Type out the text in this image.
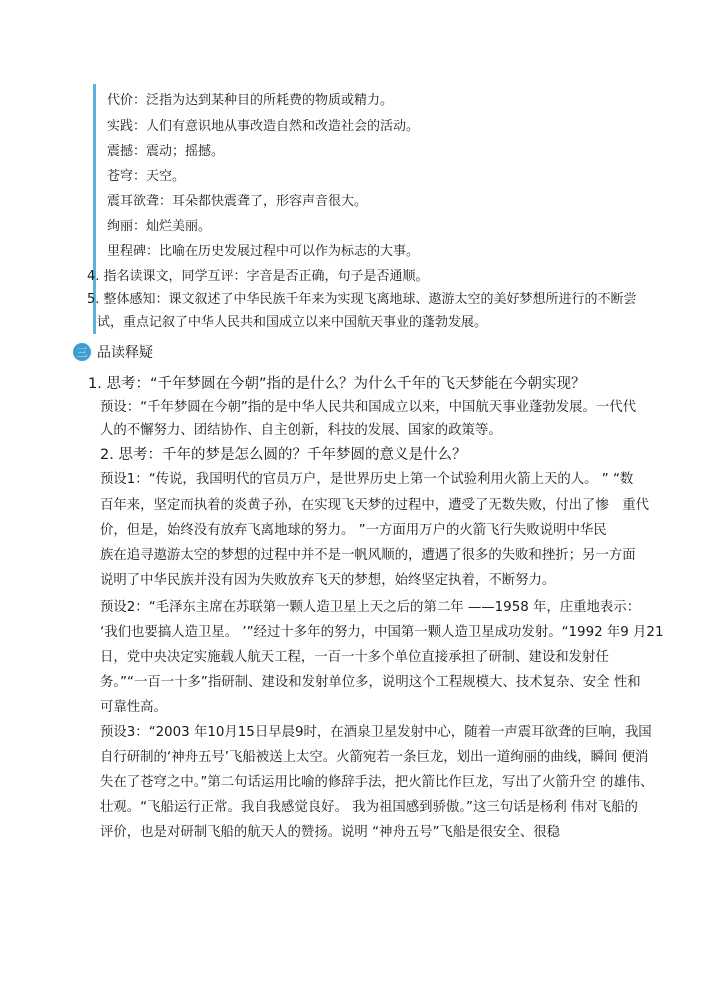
代价：泛指为达到某种目的所耗费的物质或精力。
实践：人们有意识地从事改造自然和改造社会的活动。
震撼：震动；摇撼。
苍穹：天空。
震耳欲聋：耳朵都快震聋了，形容声音很大。
绚丽：灿烂美丽。
里程碑：比喻在历史发展过程中可以作为标志的大事。
4. 指名读课文，同学互评：字音是否正确，句子是否通顺。
5. 整体感知：课文叙述了中华民族千年来为实现飞离地球、遨游太空的美好梦想所进行的不断尝
试，重点记叙了中华人民共和国成立以来中国航天事业的蓬勃发展。
三 品读释疑
1. 思考：“千年梦圆在今朝”指的是什么？为什么千年的飞天梦能在今朝实现？
预设：“千年梦圆在今朝”指的是中华人民共和国成立以来，中国航天事业蓬勃发展。一代代
人的不懈努力、团结协作、自主创新，科技的发展、国家的政策等。
2. 思考：千年的梦是怎么圆的？千年梦圆的意义是什么？
预设1：“传说，我国明代的官员万户，是世界历史上第一个试验利用火箭上天的人。 ” “数
百年来，坚定而执着的炎黄子孙，在实现飞天梦的过程中，遭受了无数失败，付出了惨　重代
价，但是，始终没有放弃飞离地球的努力。 ”一方面用万户的火箭飞行失败说明中华民
族在追寻遨游太空的梦想的过程中并不是一帆风顺的，遭遇了很多的失败和挫折；另一方面
说明了中华民族并没有因为失败放弃飞天的梦想，始终坚定执着，不断努力。
预设2：“毛泽东主席在苏联第一颗人造卫星上天之后的第二年 ——1958 年，庄重地表示：
‘我们也要搞人造卫星。 ’”经过十多年的努力，中国第一颗人造卫星成功发射。“1992 年9 月21
日，党中央决定实施载人航天工程，一百一十多个单位直接承担了研制、建设和发射任
务。”“一百一十多”指研制、建设和发射单位多，说明这个工程规模大、技术复杂、安全 性和
可靠性高。
预设3：“2003 年10月15日早晨9时，在酒泉卫星发射中心，随着一声震耳欲聋的巨响，我国
自行研制的‘神舟五号’飞船被送上太空。火箭宛若一条巨龙，划出一道绚丽的曲线，瞬间 便消
失在了苍穹之中。”第二句话运用比喻的修辞手法，把火箭比作巨龙，写出了火箭升空 的雄伟、
壮观。“飞船运行正常。我自我感觉良好。 我为祖国感到骄傲。”这三句话是杨利 伟对飞船的
评价，也是对研制飞船的航天人的赞扬。说明 “神舟五号”飞船是很安全、很稳
